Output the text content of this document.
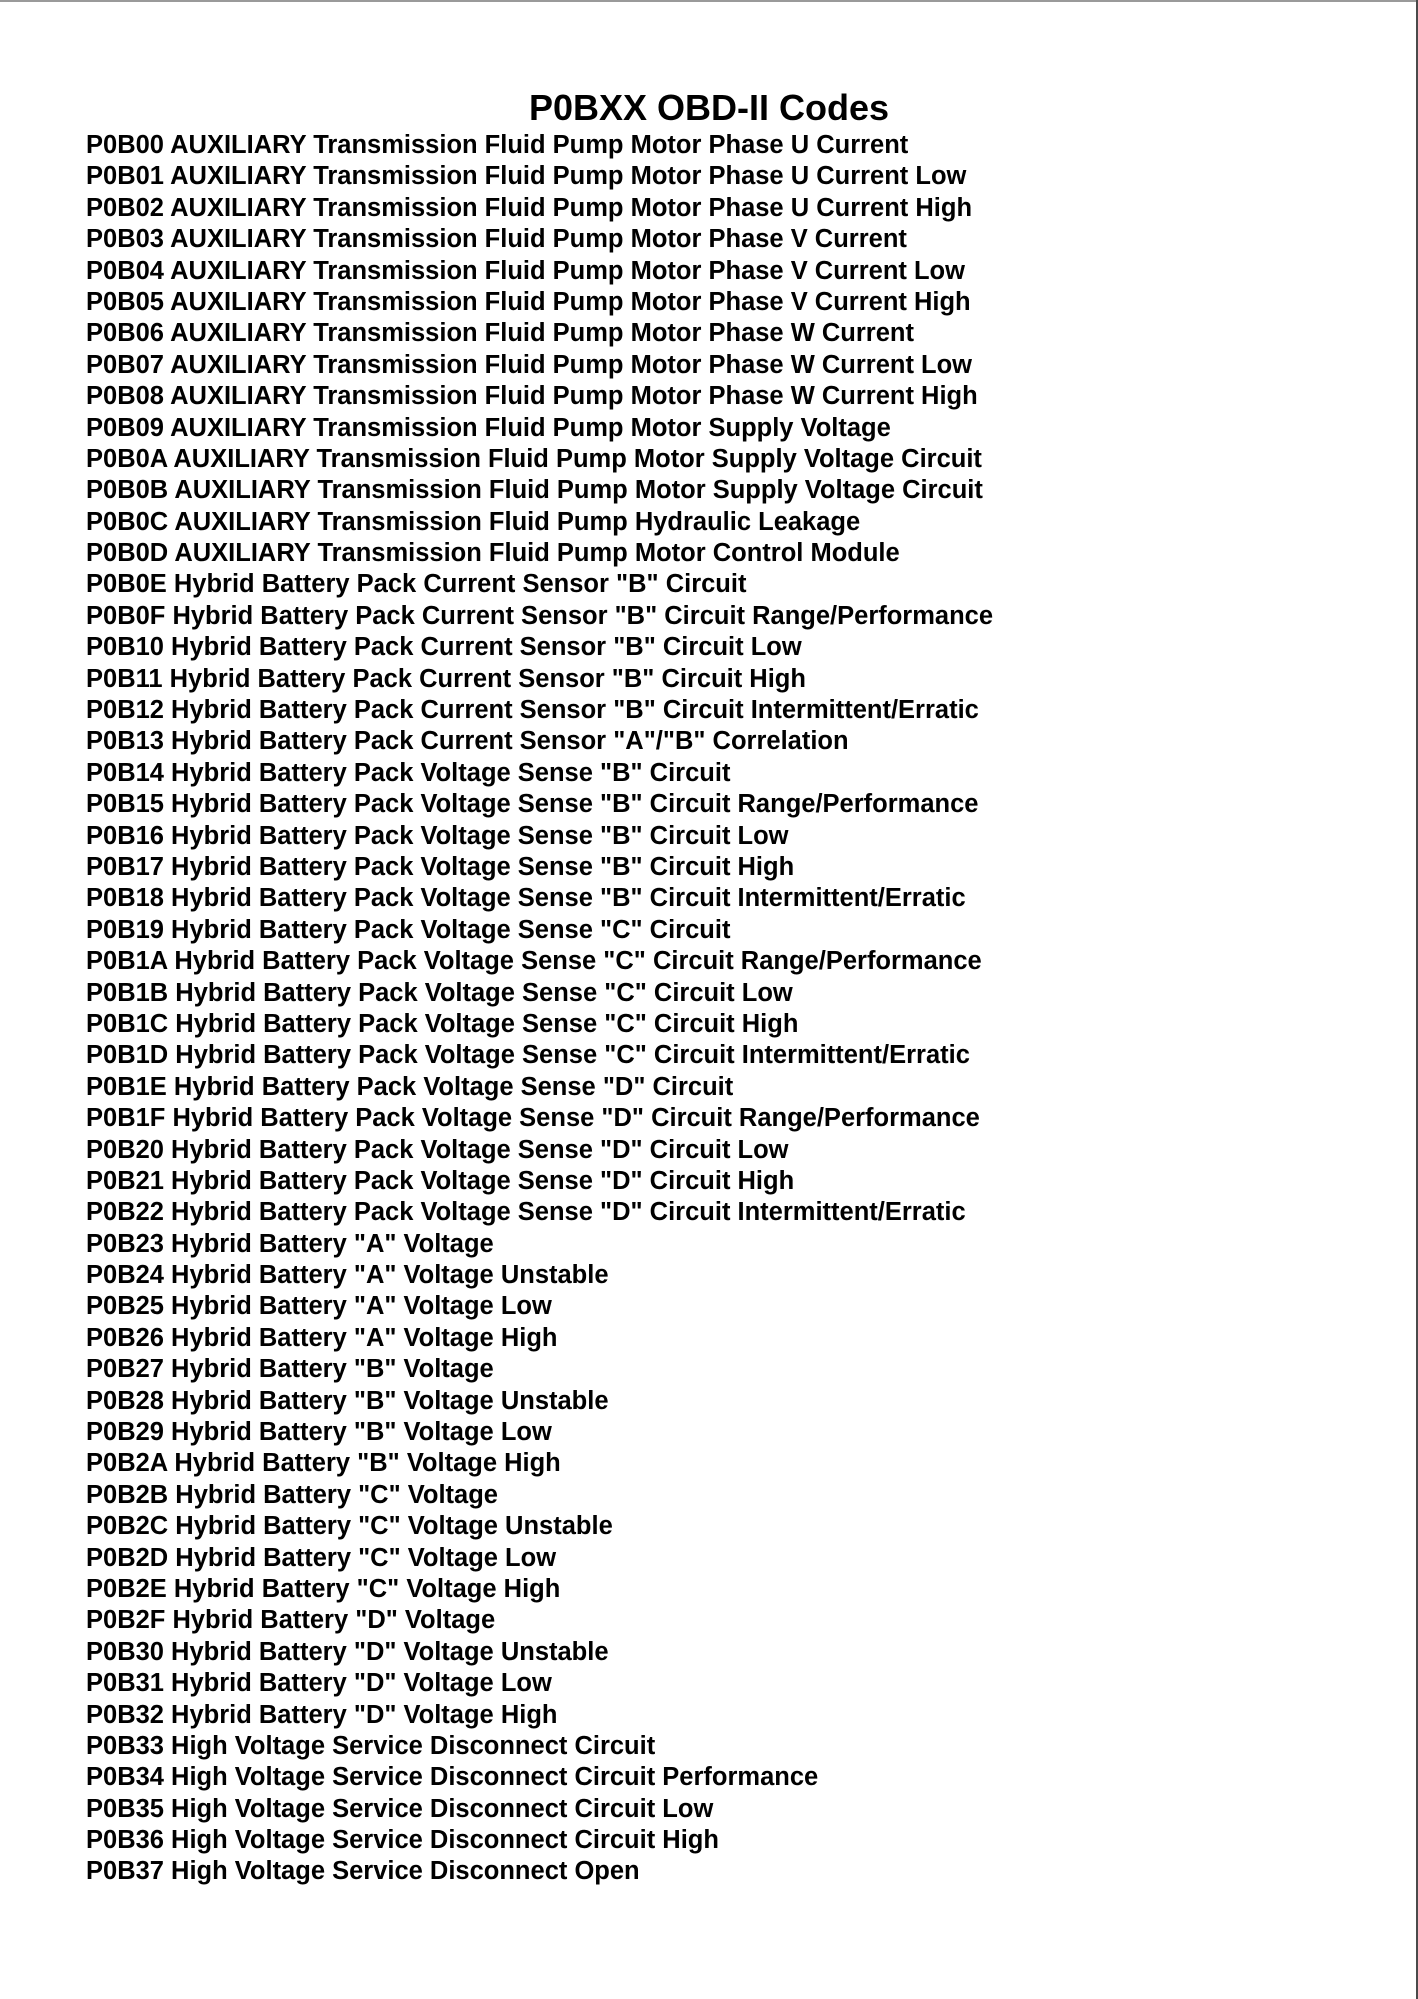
P0BXX OBD-II Codes
P0B00 AUXILIARY Transmission Fluid Pump Motor Phase U Current
P0B01 AUXILIARY Transmission Fluid Pump Motor Phase U Current Low
P0B02 AUXILIARY Transmission Fluid Pump Motor Phase U Current High
P0B03 AUXILIARY Transmission Fluid Pump Motor Phase V Current
P0B04 AUXILIARY Transmission Fluid Pump Motor Phase V Current Low
P0B05 AUXILIARY Transmission Fluid Pump Motor Phase V Current High
P0B06 AUXILIARY Transmission Fluid Pump Motor Phase W Current
P0B07 AUXILIARY Transmission Fluid Pump Motor Phase W Current Low
P0B08 AUXILIARY Transmission Fluid Pump Motor Phase W Current High
P0B09 AUXILIARY Transmission Fluid Pump Motor Supply Voltage
P0B0A AUXILIARY Transmission Fluid Pump Motor Supply Voltage Circuit
P0B0B AUXILIARY Transmission Fluid Pump Motor Supply Voltage Circuit
P0B0C AUXILIARY Transmission Fluid Pump Hydraulic Leakage
P0B0D AUXILIARY Transmission Fluid Pump Motor Control Module
P0B0E Hybrid Battery Pack Current Sensor "B" Circuit
P0B0F Hybrid Battery Pack Current Sensor "B" Circuit Range/Performance
P0B10 Hybrid Battery Pack Current Sensor "B" Circuit Low
P0B11 Hybrid Battery Pack Current Sensor "B" Circuit High
P0B12 Hybrid Battery Pack Current Sensor "B" Circuit Intermittent/Erratic
P0B13 Hybrid Battery Pack Current Sensor "A"/"B" Correlation
P0B14 Hybrid Battery Pack Voltage Sense "B" Circuit
P0B15 Hybrid Battery Pack Voltage Sense "B" Circuit Range/Performance
P0B16 Hybrid Battery Pack Voltage Sense "B" Circuit Low
P0B17 Hybrid Battery Pack Voltage Sense "B" Circuit High
P0B18 Hybrid Battery Pack Voltage Sense "B" Circuit Intermittent/Erratic
P0B19 Hybrid Battery Pack Voltage Sense "C" Circuit
P0B1A Hybrid Battery Pack Voltage Sense "C" Circuit Range/Performance
P0B1B Hybrid Battery Pack Voltage Sense "C" Circuit Low
P0B1C Hybrid Battery Pack Voltage Sense "C" Circuit High
P0B1D Hybrid Battery Pack Voltage Sense "C" Circuit Intermittent/Erratic
P0B1E Hybrid Battery Pack Voltage Sense "D" Circuit
P0B1F Hybrid Battery Pack Voltage Sense "D" Circuit Range/Performance
P0B20 Hybrid Battery Pack Voltage Sense "D" Circuit Low
P0B21 Hybrid Battery Pack Voltage Sense "D" Circuit High
P0B22 Hybrid Battery Pack Voltage Sense "D" Circuit Intermittent/Erratic
P0B23 Hybrid Battery "A" Voltage
P0B24 Hybrid Battery "A" Voltage Unstable
P0B25 Hybrid Battery "A" Voltage Low
P0B26 Hybrid Battery "A" Voltage High
P0B27 Hybrid Battery "B" Voltage
P0B28 Hybrid Battery "B" Voltage Unstable
P0B29 Hybrid Battery "B" Voltage Low
P0B2A Hybrid Battery "B" Voltage High
P0B2B Hybrid Battery "C" Voltage
P0B2C Hybrid Battery "C" Voltage Unstable
P0B2D Hybrid Battery "C" Voltage Low
P0B2E Hybrid Battery "C" Voltage High
P0B2F Hybrid Battery "D" Voltage
P0B30 Hybrid Battery "D" Voltage Unstable
P0B31 Hybrid Battery "D" Voltage Low
P0B32 Hybrid Battery "D" Voltage High
P0B33 High Voltage Service Disconnect Circuit
P0B34 High Voltage Service Disconnect Circuit Performance
P0B35 High Voltage Service Disconnect Circuit Low
P0B36 High Voltage Service Disconnect Circuit High
P0B37 High Voltage Service Disconnect Open
